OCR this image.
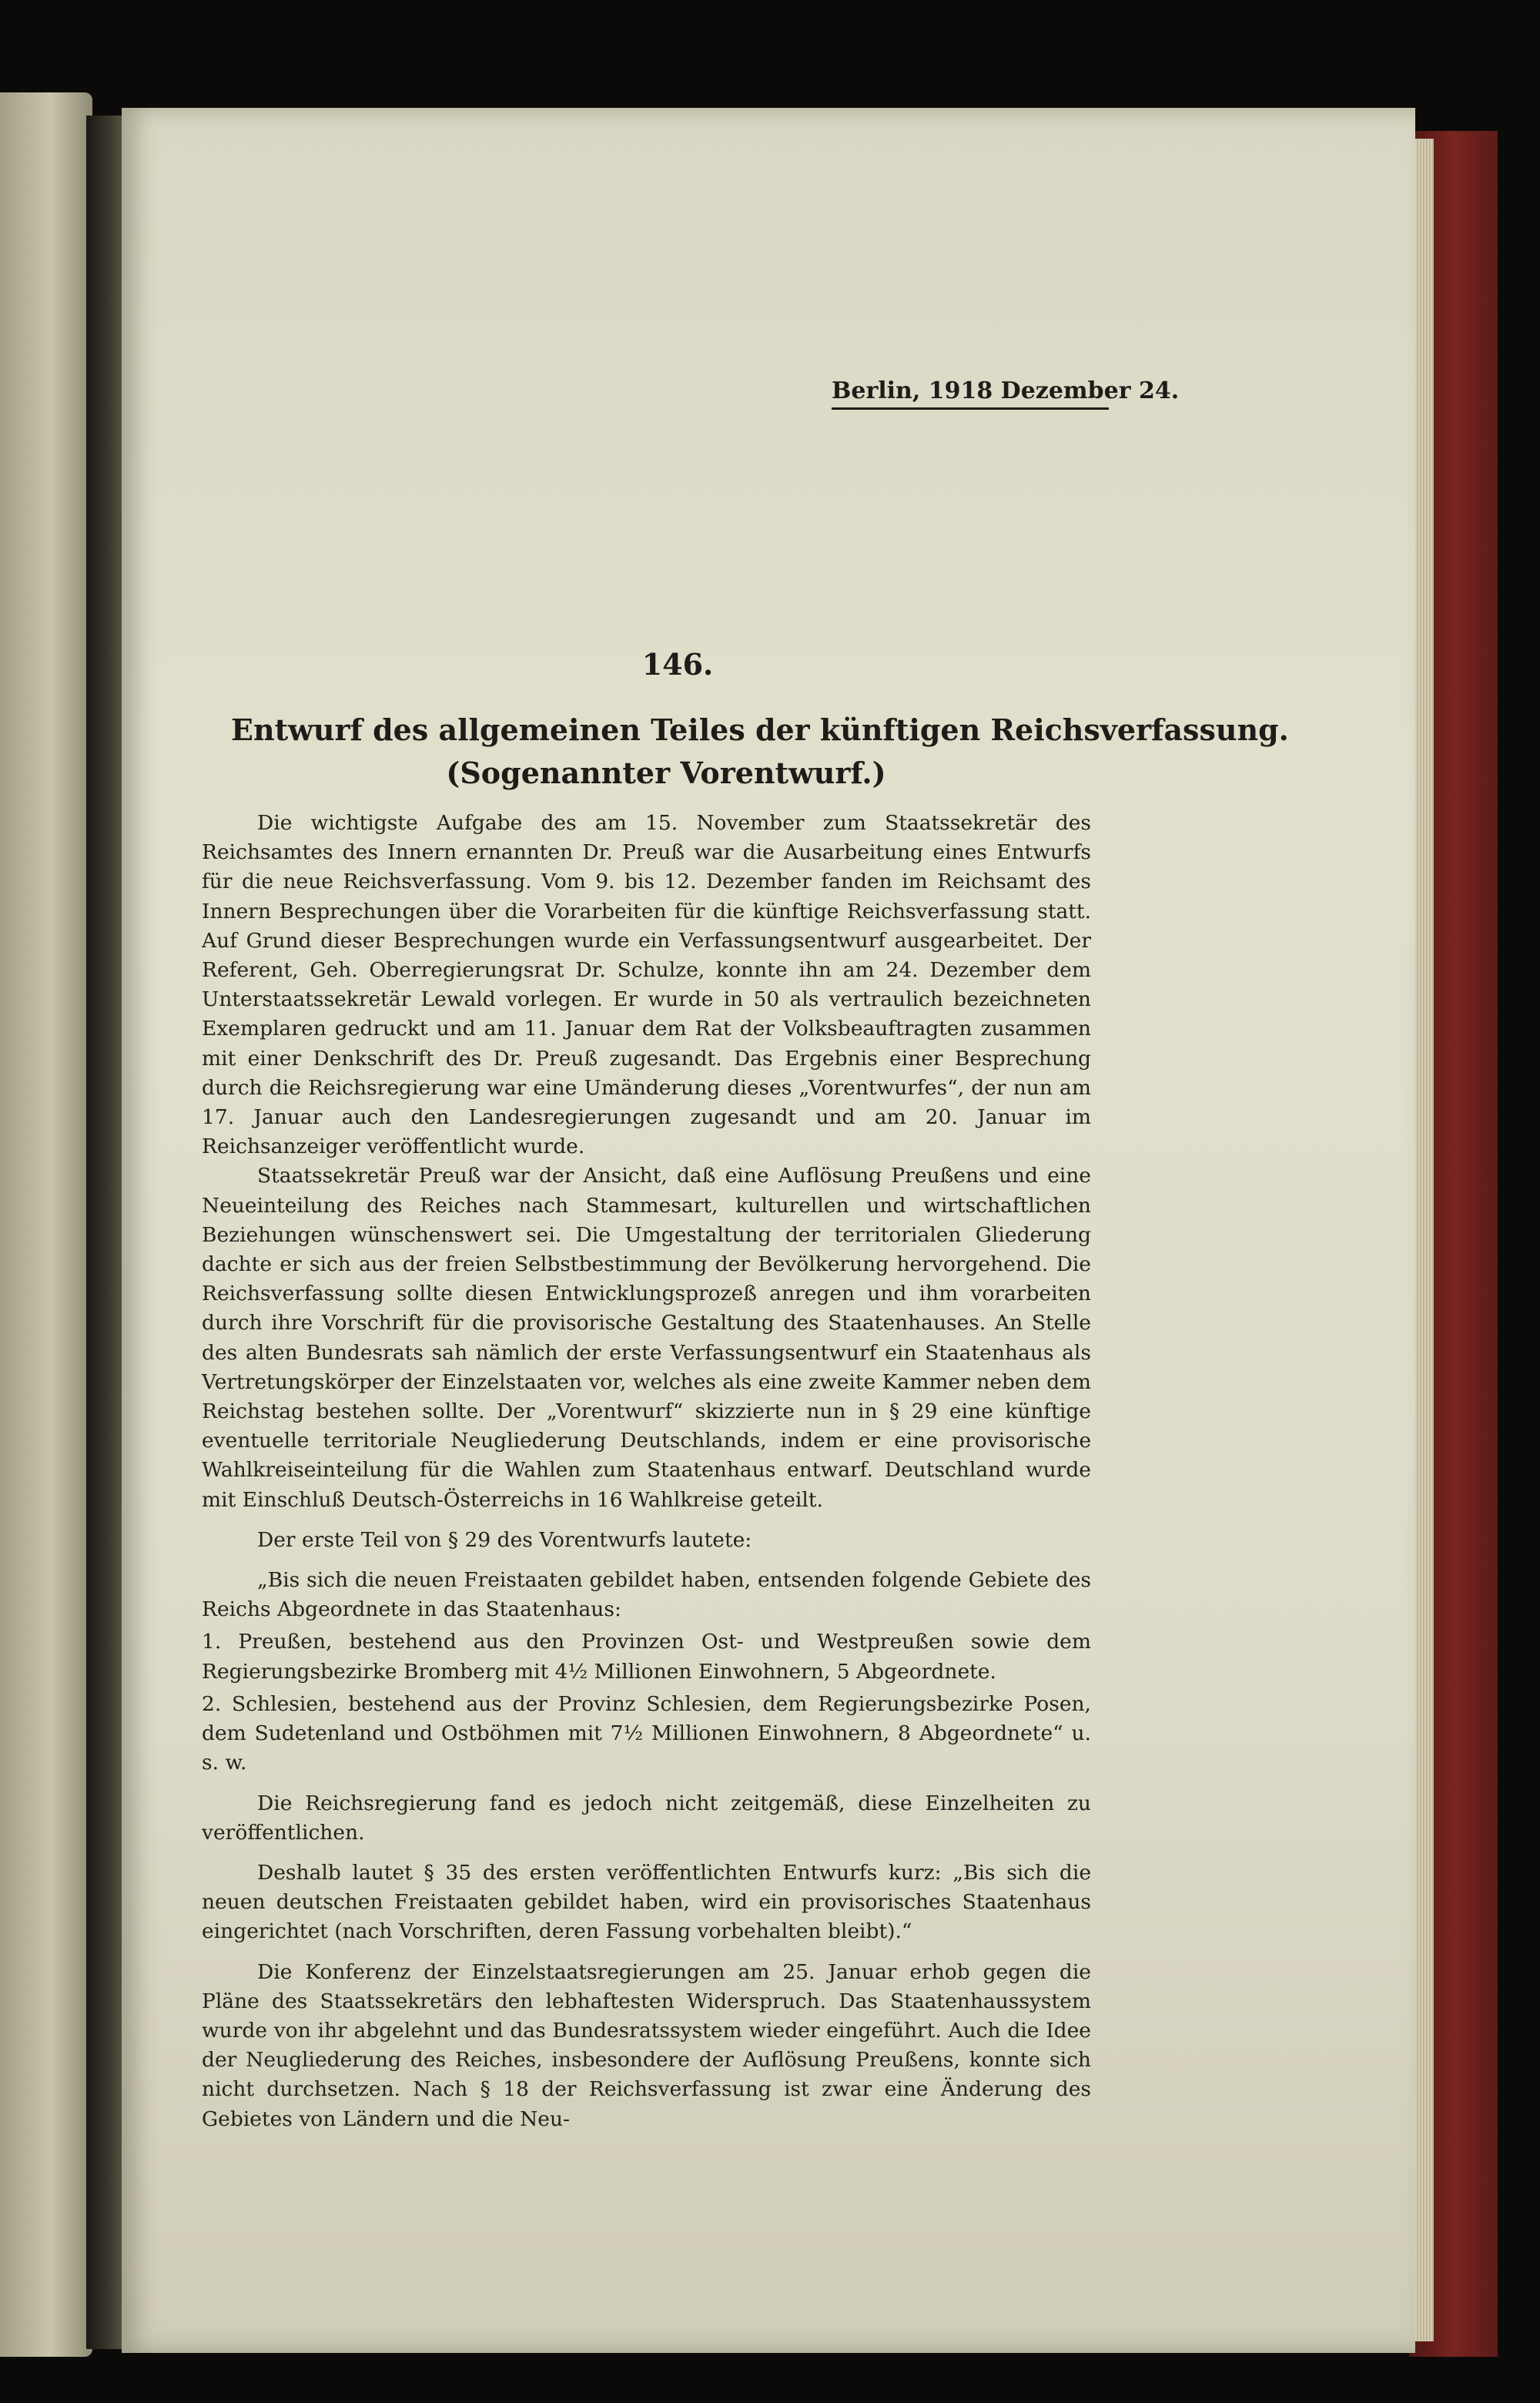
Berlin, 1918 Dezember 24.
146.
Entwurf des allgemeinen Teiles der künftigen Reichsverfassung.
(Sogenannter Vorentwurf.)

Die wichtigste Aufgabe des am 15. November zum Staatssekretär des Reichsamtes des Innern ernannten Dr. Preuß war die Ausarbeitung eines Entwurfs für die neue Reichsverfassung. Vom 9. bis 12. Dezember fanden im Reichsamt des Innern Besprechungen über die Vorarbeiten für die künftige Reichsverfassung statt. Auf Grund dieser Besprechungen wurde ein Verfassungsentwurf ausgearbeitet. Der Referent, Geh. Oberregierungsrat Dr. Schulze, konnte ihn am 24. Dezember dem Unterstaatssekretär Lewald vorlegen. Er wurde in 50 als vertraulich bezeichneten Exemplaren gedruckt und am 11. Januar dem Rat der Volksbeauftragten zusammen mit einer Denkschrift des Dr. Preuß zugesandt. Das Ergebnis einer Besprechung durch die Reichsregierung war eine Umänderung dieses „Vorentwurfes“, der nun am 17. Januar auch den Landesregierungen zugesandt und am 20. Januar im Reichsanzeiger veröffentlicht wurde.

Staatssekretär Preuß war der Ansicht, daß eine Auflösung Preußens und eine Neueinteilung des Reiches nach Stammesart, kulturellen und wirtschaftlichen Beziehungen wünschenswert sei. Die Umgestaltung der territorialen Gliederung dachte er sich aus der freien Selbstbestimmung der Bevölkerung hervorgehend. Die Reichsverfassung sollte diesen Entwicklungsprozeß anregen und ihm vorarbeiten durch ihre Vorschrift für die provisorische Gestaltung des Staatenhauses. An Stelle des alten Bundesrats sah nämlich der erste Verfassungsentwurf ein Staatenhaus als Vertretungskörper der Einzelstaaten vor, welches als eine zweite Kammer neben dem Reichstag bestehen sollte. Der „Vorentwurf“ skizzierte nun in § 29 eine künftige eventuelle territoriale Neugliederung Deutschlands, indem er eine provisorische Wahlkreiseinteilung für die Wahlen zum Staatenhaus entwarf. Deutschland wurde mit Einschluß Deutsch-Österreichs in 16 Wahlkreise geteilt.

Der erste Teil von § 29 des Vorentwurfs lautete:

„Bis sich die neuen Freistaaten gebildet haben, entsenden folgende Gebiete des Reichs Abgeordnete in das Staatenhaus:

1. Preußen, bestehend aus den Provinzen Ost- und Westpreußen sowie dem Regierungsbezirke Bromberg mit 4½ Millionen Einwohnern, 5 Abgeordnete.

2. Schlesien, bestehend aus der Provinz Schlesien, dem Regierungsbezirke Posen, dem Sudetenland und Ostböhmen mit 7½ Millionen Einwohnern, 8 Abgeordnete“ u. s. w.

Die Reichsregierung fand es jedoch nicht zeitgemäß, diese Einzelheiten zu veröffentlichen.

Deshalb lautet § 35 des ersten veröffentlichten Entwurfs kurz: „Bis sich die neuen deutschen Freistaaten gebildet haben, wird ein provisorisches Staatenhaus eingerichtet (nach Vorschriften, deren Fassung vorbehalten bleibt).“

Die Konferenz der Einzelstaatsregierungen am 25. Januar erhob gegen die Pläne des Staatssekretärs den lebhaftesten Widerspruch. Das Staatenhaussystem wurde von ihr abgelehnt und das Bundesratssystem wieder eingeführt. Auch die Idee der Neugliederung des Reiches, insbesondere der Auflösung Preußens, konnte sich nicht durchsetzen. Nach § 18 der Reichsverfassung ist zwar eine Änderung des Gebietes von Ländern und die Neu-
